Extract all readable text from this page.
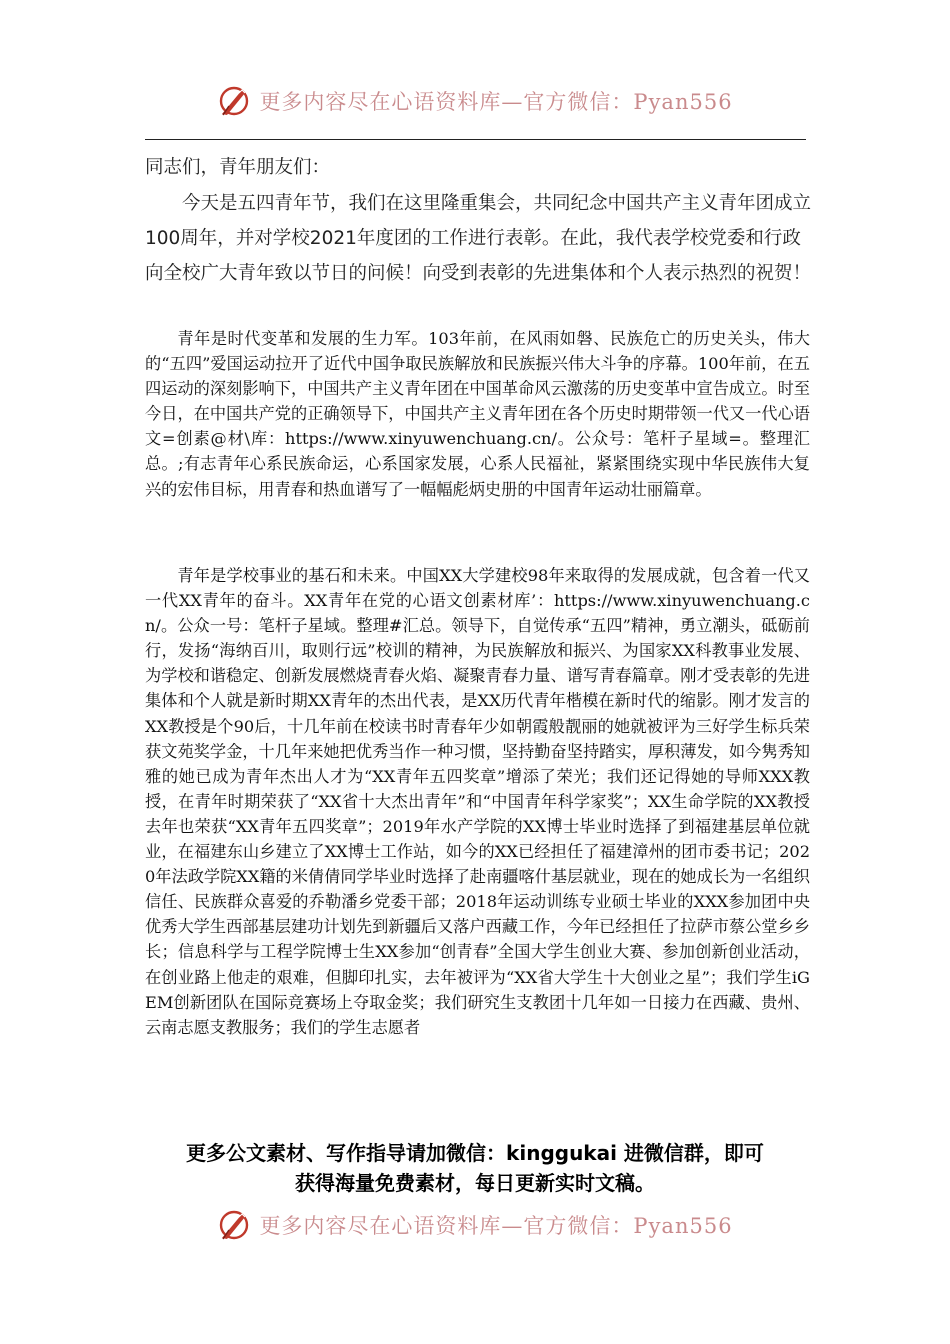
更多内容尽在心语资料库—官方微信：Pyan556
同志们，青年朋友们：
今天是五四青年节，我们在这里隆重集会，共同纪念中国共产主义青年团成立100周年，并对学校2021年度团的工作进行表彰。在此，我代表学校党委和行政向全校广大青年致以节日的问候！向受到表彰的先进集体和个人表示热烈的祝贺！
青年是时代变革和发展的生力军。103年前，在风雨如磐、民族危亡的历史关头，伟大的“五四”爱国运动拉开了近代中国争取民族解放和民族振兴伟大斗争的序幕。100年前，在五四运动的深刻影响下，中国共产主义青年团在中国革命风云激荡的历史变革中宣告成立。时至今日，在中国共产党的正确领导下，中国共产主义青年团在各个历史时期带领一代又一代心语文=创素@材\库：https://www.xinyuwenchuang.cn/。公众号：笔杆子星域=。整理汇总。;有志青年心系民族命运，心系国家发展，心系人民福祉，紧紧围绕实现中华民族伟大复兴的宏伟目标，用青春和热血谱写了一幅幅彪炳史册的中国青年运动壮丽篇章。
青年是学校事业的基石和未来。中国XX大学建校98年来取得的发展成就，包含着一代又一代XX青年的奋斗。XX青年在党的心语文创素材库’：https://www.xinyuwenchuang.cn/。公众一号：笔杆子星域。整理#汇总。领导下，自觉传承“五四”精神，勇立潮头，砥砺前行，发扬“海纳百川，取则行远”校训的精神，为民族解放和振兴、为国家XX科教事业发展、为学校和谐稳定、创新发展燃烧青春火焰、凝聚青春力量、谱写青春篇章。刚才受表彰的先进集体和个人就是新时期XX青年的杰出代表，是XX历代青年楷模在新时代的缩影。刚才发言的XX教授是个90后，十几年前在校读书时青春年少如朝霞般靓丽的她就被评为三好学生标兵荣获文苑奖学金，十几年来她把优秀当作一种习惯，坚持勤奋坚持踏实，厚积薄发，如今隽秀知雅的她已成为青年杰出人才为“XX青年五四奖章”增添了荣光；我们还记得她的导师XXX教授，在青年时期荣获了“XX省十大杰出青年”和“中国青年科学家奖”；XX生命学院的XX教授去年也荣获“XX青年五四奖章”；2019年水产学院的XX博士毕业时选择了到福建基层单位就业，在福建东山乡建立了XX博士工作站，如今的XX已经担任了福建漳州的团市委书记；2020年法政学院XX籍的米倩倩同学毕业时选择了赴南疆喀什基层就业，现在的她成长为一名组织信任、民族群众喜爱的乔勒潘乡党委干部；2018年运动训练专业硕士毕业的XXX参加团中央优秀大学生西部基层建功计划先到新疆后又落户西藏工作，今年已经担任了拉萨市蔡公堂乡乡长；信息科学与工程学院博士生XX参加“创青春”全国大学生创业大赛、参加创新创业活动，在创业路上他走的艰难，但脚印扎实，去年被评为“XX省大学生十大创业之星”；我们学生iGEM创新团队在国际竞赛场上夺取金奖；我们研究生支教团十几年如一日接力在西藏、贵州、云南志愿支教服务；我们的学生志愿者
更多公文素材、写作指导请加微信：kinggukai 进微信群，即可
获得海量免费素材，每日更新实时文稿。
更多内容尽在心语资料库—官方微信：Pyan556
